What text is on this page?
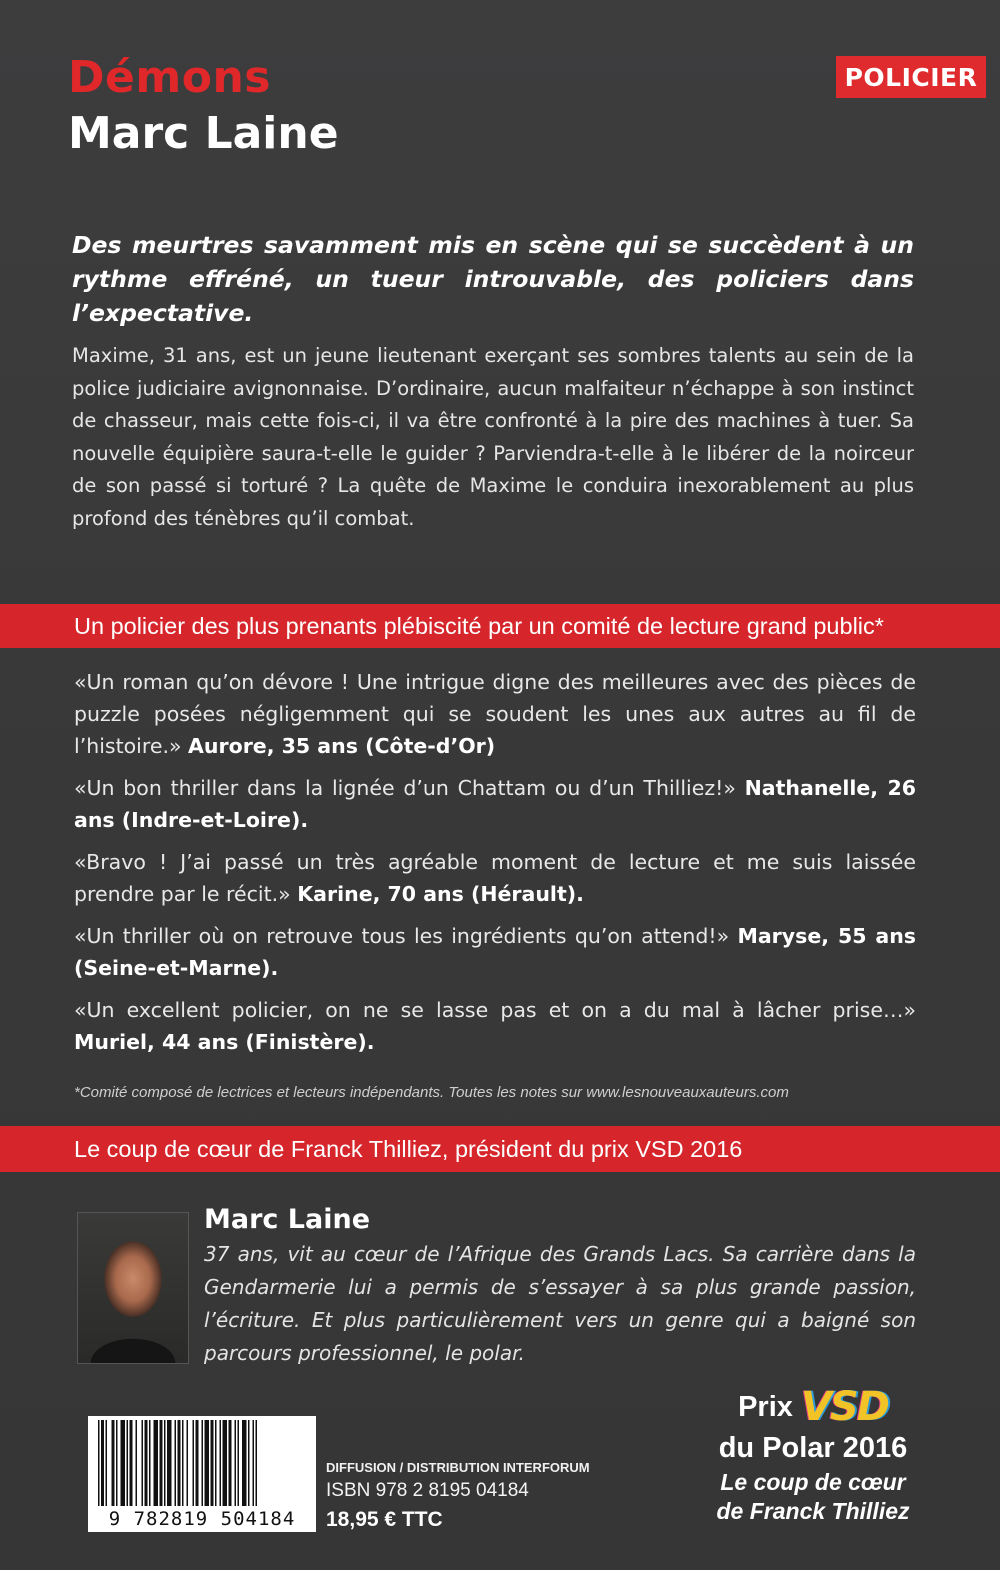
Démons
Marc Laine
POLICIER

Des meurtres savamment mis en scène qui se succèdent à un rythme effréné, un tueur introuvable, des policiers dans l’expectative.

Maxime, 31 ans, est un jeune lieutenant exerçant ses sombres talents au sein de la police judiciaire avignonnaise. D’ordinaire, aucun malfaiteur n’échappe à son instinct de chasseur, mais cette fois-ci, il va être confronté à la pire des machines à tuer. Sa nouvelle équipière saura-t-elle le guider ? Parviendra-t-elle à le libérer de la noirceur de son passé si torturé ? La quête de Maxime le conduira inexorablement au plus profond des ténèbres qu’il combat.

Un policier des plus prenants plébiscité par un comité de lecture grand public*

«Un roman qu’on dévore ! Une intrigue digne des meilleures avec des pièces de puzzle posées négligemment qui se soudent les unes aux autres au fil de l’histoire.» Aurore, 35 ans (Côte-d’Or)

«Un bon thriller dans la lignée d’un Chattam ou d’un Thilliez!» Nathanelle, 26 ans (Indre-et-Loire).

«Bravo ! J’ai passé un très agréable moment de lecture et me suis laissée prendre par le récit.» Karine, 70 ans (Hérault).

«Un thriller où on retrouve tous les ingrédients qu’on attend!» Maryse, 55 ans (Seine-et-Marne).

«Un excellent policier, on ne se lasse pas et on a du mal à lâcher prise…» Muriel, 44 ans (Finistère).

*Comité composé de lectrices et lecteurs indépendants. Toutes les notes sur www.lesnouveauxauteurs.com

Le coup de cœur de Franck Thilliez, président du prix VSD 2016
Marc Laine

37 ans, vit au cœur de l’Afrique des Grands Lacs. Sa carrière dans la Gendarmerie lui a permis de s’essayer à sa plus grande passion, l’écriture. Et plus particulièrement vers un genre qui a baigné son parcours professionnel, le polar.

9 782819 504184

DIFFUSION / DISTRIBUTION INTERFORUM

ISBN 978 2 8195 04184

18,95 € TTC

Prix VSD
du Polar 2016
Le coup de cœur
de Franck Thilliez
